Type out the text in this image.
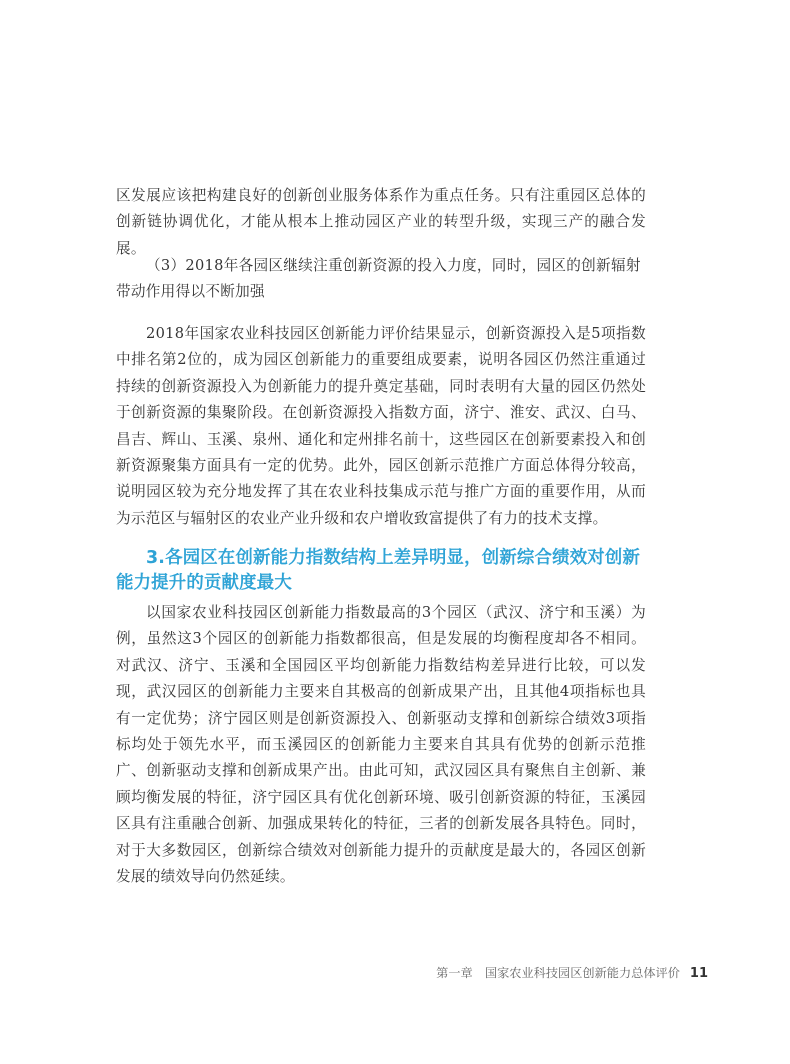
区发展应该把构建良好的创新创业服务体系作为重点任务。只有注重园区总体的创新链协调优化，才能从根本上推动园区产业的转型升级，实现三产的融合发展。

（3）2018年各园区继续注重创新资源的投入力度，同时，园区的创新辐射带动作用得以不断加强

2018年国家农业科技园区创新能力评价结果显示，创新资源投入是5项指数中排名第2位的，成为园区创新能力的重要组成要素，说明各园区仍然注重通过持续的创新资源投入为创新能力的提升奠定基础，同时表明有大量的园区仍然处于创新资源的集聚阶段。在创新资源投入指数方面，济宁、淮安、武汉、白马、昌吉、辉山、玉溪、泉州、通化和定州排名前十，这些园区在创新要素投入和创新资源聚集方面具有一定的优势。此外，园区创新示范推广方面总体得分较高，说明园区较为充分地发挥了其在农业科技集成示范与推广方面的重要作用，从而为示范区与辐射区的农业产业升级和农户增收致富提供了有力的技术支撑。

3.各园区在创新能力指数结构上差异明显，创新综合绩效对创新能力提升的贡献度最大

以国家农业科技园区创新能力指数最高的3个园区（武汉、济宁和玉溪）为例，虽然这3个园区的创新能力指数都很高，但是发展的均衡程度却各不相同。对武汉、济宁、玉溪和全国园区平均创新能力指数结构差异进行比较，可以发现，武汉园区的创新能力主要来自其极高的创新成果产出，且其他4项指标也具有一定优势；济宁园区则是创新资源投入、创新驱动支撑和创新综合绩效3项指标均处于领先水平，而玉溪园区的创新能力主要来自其具有优势的创新示范推广、创新驱动支撑和创新成果产出。由此可知，武汉园区具有聚焦自主创新、兼顾均衡发展的特征，济宁园区具有优化创新环境、吸引创新资源的特征，玉溪园区具有注重融合创新、加强成果转化的特征，三者的创新发展各具特色。同时，对于大多数园区，创新综合绩效对创新能力提升的贡献度是最大的，各园区创新发展的绩效导向仍然延续。

第一章　国家农业科技园区创新能力总体评价 11
